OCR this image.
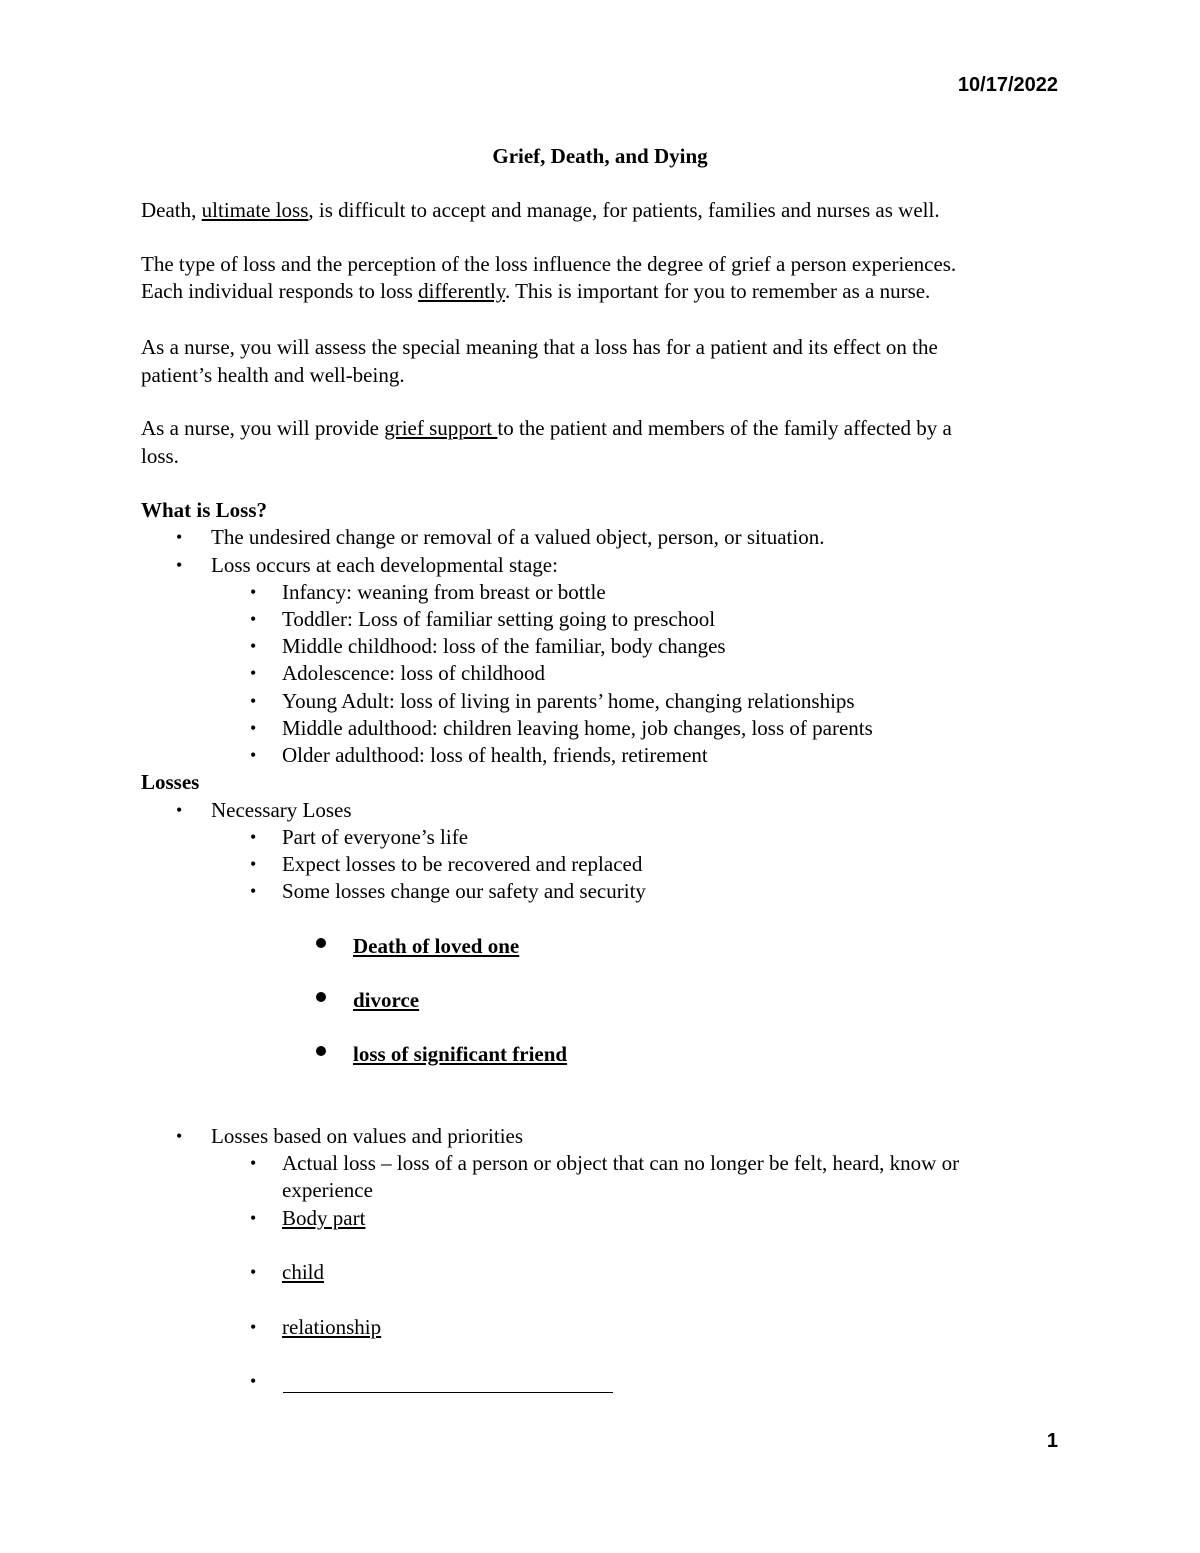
10/17/2022
Grief, Death, and Dying
Death, ultimate loss, is difficult to accept and manage, for patients, families and nurses as well.
The type of loss and the perception of the loss influence the degree of grief a person experiences.
Each individual responds to loss differently. This is important for you to remember as a nurse.
As a nurse, you will assess the special meaning that a loss has for a patient and its effect on the
patient’s health and well-being.
As a nurse, you will provide grief support to the patient and members of the family affected by a
loss.
What is Loss?
• The undesired change or removal of a valued object, person, or situation.
• Loss occurs at each developmental stage:
• Infancy: weaning from breast or bottle
• Toddler: Loss of familiar setting going to preschool
• Middle childhood: loss of the familiar, body changes
• Adolescence: loss of childhood
• Young Adult: loss of living in parents’ home, changing relationships
• Middle adulthood: children leaving home, job changes, loss of parents
• Older adulthood: loss of health, friends, retirement
Losses
• Necessary Loses
• Part of everyone’s life
• Expect losses to be recovered and replaced
• Some losses change our safety and security
Death of loved one
divorce
loss of significant friend
• Losses based on values and priorities
• Actual loss – loss of a person or object that can no longer be felt, heard, know or
experience
• Body part
• child
• relationship
•
1
